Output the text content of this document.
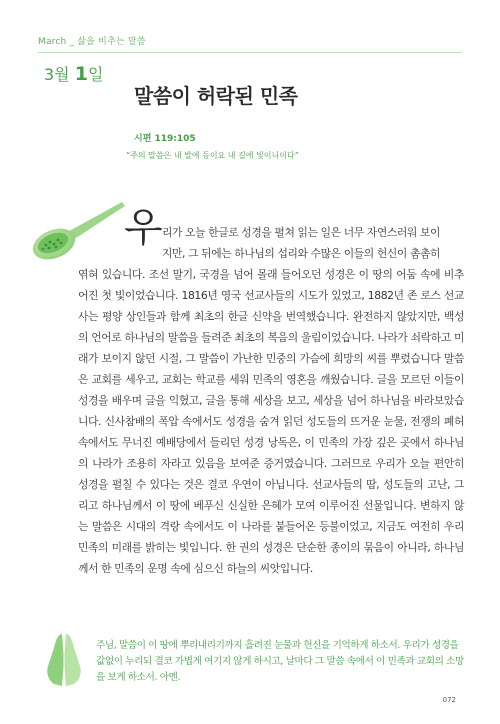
March _ 삶을 비추는 말씀
3월 1일
말씀이 허락된 민족
시편 119:105
“주의 말씀은 내 발에 등이요 내 길에 빛이니이다”
우 리가 오늘 한글로 성경을 펼쳐 읽는 일은 너무 자연스러워 보이
지만, 그 뒤에는 하나님의 섭리와 수많은 이들의 헌신이 촘촘히
엮혀 있습니다. 조선 말기, 국경을 넘어 몰래 들어오던 성경은 이 땅의 어둠 속에 비추어진 첫 빛이었습니다. 1816년 영국 선교사들의 시도가 있었고, 1882년 존 로스 선교사는 평양 상인들과 함께 최초의 한글 신약을 번역했습니다. 완전하지 않았지만, 백성의 언어로 하나님의 말씀을 들려준 최초의 복음의 울림이었습니다. 나라가 쇠락하고 미래가 보이지 않던 시절, 그 말씀이 가난한 민중의 가슴에 희망의 씨를 뿌렸습니다 말씀은 교회를 세우고, 교회는 학교를 세워 민족의 영혼을 깨웠습니다. 글을 모르던 이들이 성경을 배우며 글을 익혔고, 글을 통해 세상을 보고, 세상을 넘어 하나님을 바라보았습니다. 신사참배의 폭압 속에서도 성경을 숨겨 읽던 성도들의 뜨거운 눈물, 전쟁의 폐허 속에서도 무너진 예배당에서 들리던 성경 낭독은, 이 민족의 가장 깊은 곳에서 하나님의 나라가 조용히 자라고 있음을 보여준 증거였습니다. 그러므로 우리가 오늘 편안히 성경을 펼칠 수 있다는 것은 결코 우연이 아닙니다. 선교사들의 땀, 성도들의 고난, 그리고 하나님께서 이 땅에 베푸신 신실한 은혜가 모여 이루어진 선물입니다. 변하지 않는 말씀은 시대의 격랑 속에서도 이 나라를 붙들어온 등불이었고, 지금도 여전히 우리 민족의 미래를 밝히는 빛입니다. 한 권의 성경은 단순한 종이의 묶음이 아니라, 하나님께서 한 민족의 운명 속에 심으신 하늘의 씨앗입니다.
주님, 말씀이 이 땅에 뿌리내리기까지 흘려진 눈물과 헌신을 기억하게 하소서. 우리가 성경을 값없이 누리되 결코 가볍게 여기지 않게 하시고, 날마다 그 말씀 속에서 이 민족과 교회의 소망을 보게 하소서. 아멘.
072
